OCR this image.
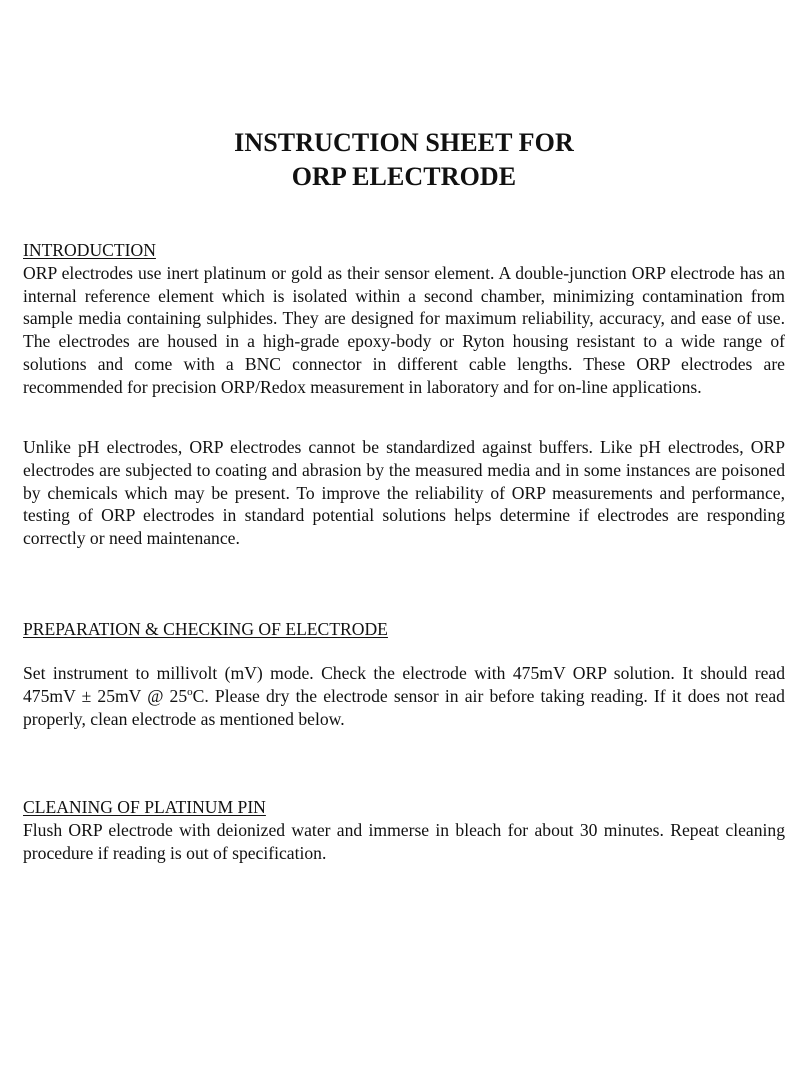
INSTRUCTION SHEET FOR
ORP ELECTRODE
INTRODUCTION

ORP electrodes use inert platinum or gold as their sensor element. A double-junction ORP electrode has an internal reference element which is isolated within a second chamber, minimizing contamination from sample media containing sulphides. They are designed for maximum reliability, accuracy, and ease of use. The electrodes are housed in a high-grade epoxy-body or Ryton housing resistant to a wide range of solutions and come with a BNC connector in different cable lengths. These ORP electrodes are recommended for precision ORP/Redox measurement in laboratory and for on-line applications.

Unlike pH electrodes, ORP electrodes cannot be standardized against buffers. Like pH electrodes, ORP electrodes are subjected to coating and abrasion by the measured media and in some instances are poisoned by chemicals which may be present. To improve the reliability of ORP measurements and performance, testing of ORP electrodes in standard potential solutions helps determine if electrodes are responding correctly or need maintenance.

PREPARATION & CHECKING OF ELECTRODE

Set instrument to millivolt (mV) mode. Check the electrode with 475mV ORP solution. It should read 475mV ± 25mV @ 25$^o$C. Please dry the electrode sensor in air before taking reading. If it does not read properly, clean electrode as mentioned below.

CLEANING OF PLATINUM PIN

Flush ORP electrode with deionized water and immerse in bleach for about 30 minutes. Repeat cleaning procedure if reading is out of specification.
